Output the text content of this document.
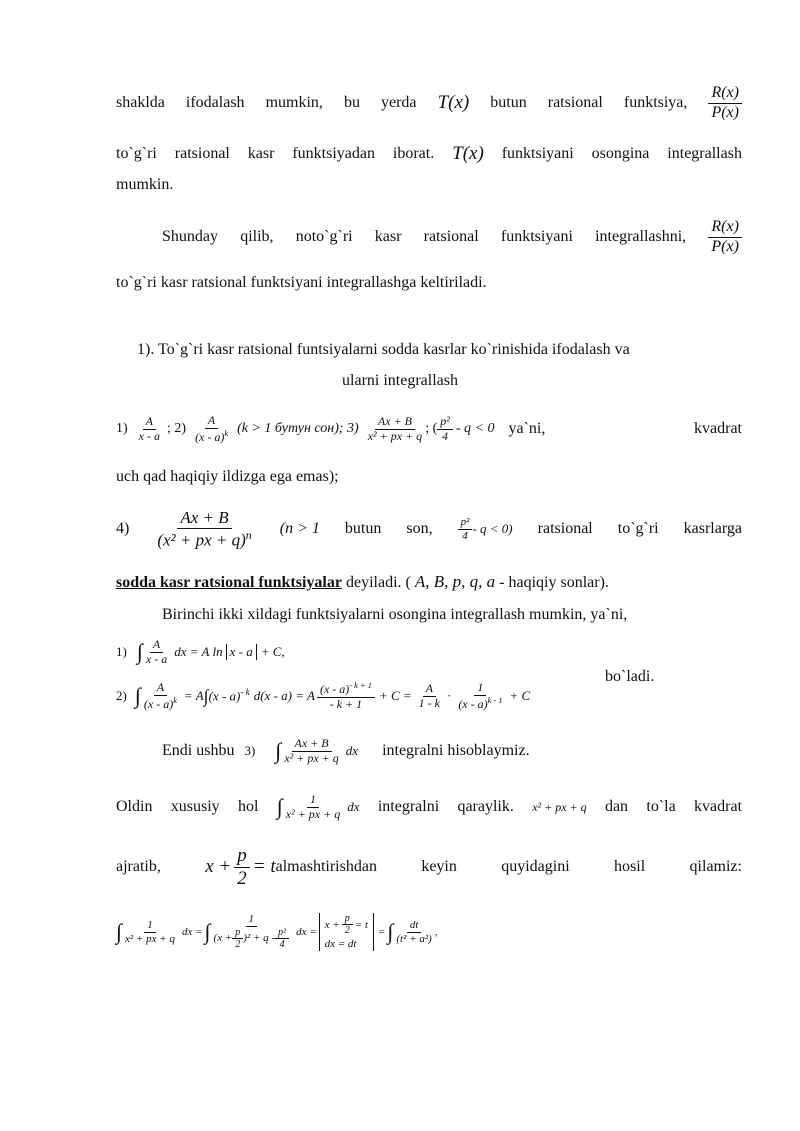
shaklda ifodalash mumkin, bu yerda T(x) butun ratsional funktsiya, $\frac{R(x)}{P(x)}$
to`g`ri ratsional kasr funktsiyadan iborat. T(x) funktsiyani osongina integrallash
mumkin.
Shunday qilib, noto`g`ri kasr ratsional funktsiyani integrallashni, $\frac{R(x)}{P(x)}$
to`g`ri kasr ratsional funktsiyani integrallashga keltiriladi.
1). To`g`ri kasr ratsional funtsiyalarni sodda kasrlar ko`rinishida ifodalash va
ularni integrallash
$1) \frac{A}{x - a}$ ; $2) \frac{A}{(x - a)^k} (k > 1$ бутун сон); $3) \frac{Ax + B}{\text{x² + px + q}}$ ; ( $\frac{\text{p²}}{4} - q < 0$ ya`ni,	kvadrat
uch qad haqiqiy ildizga ega emas);
$4) \frac{Ax + B}{(x^2 + px + q)^n} (n > 1$ butun son, $\frac{\text{p²}}{4} - q < 0$) ratsional to`g`ri kasrlarga
sodda kasr ratsional funktsiyalar deyiladi. ( A, B, p, q, a - haqiqiy sonlar).
Birinchi ikki xildagi funktsiyalarni osongina integrallash mumkin, ya`ni,
1) ∫ $\frac{A}{x - a}$ dx = A ln x - a + C,
2) ∫ $\frac{A}{(x - a)^k} = A$ ∫ (x - a)$^{- k}$ d(x - a) = A $\frac{(x - a)^{- k + 1}}{- k + 1} + C = \frac{A}{1 - k} \cdot \frac{1}{(x - a)^{k - 1}} + C$
bo`ladi.
Endi ushbu 3) ∫ $\frac{Ax + B}{\text{x² + px + q}}$ dx integralni hisoblaymiz.
Oldin xususiy hol ∫ $\frac{1}{\text{x² + px + q}}$ dx integralni qaraylik. x² + px + q dan to`la kvadrat
ajratib, $x + \frac{p}{2} = t$ almashtirishdan	keyin	quyidagini	hosil	qilamiz:
∫ $\frac{1}{\text{x² + px + q}}$ dx = ∫	1
$(x + \frac{p}{2} )^2 + q - \frac{\text{p²}}{4}$ dx =
$x + \frac{p}{2} = t$
dx = dt
= ∫ $\frac{dt}{\text{(t² + a²)}}$ ,
